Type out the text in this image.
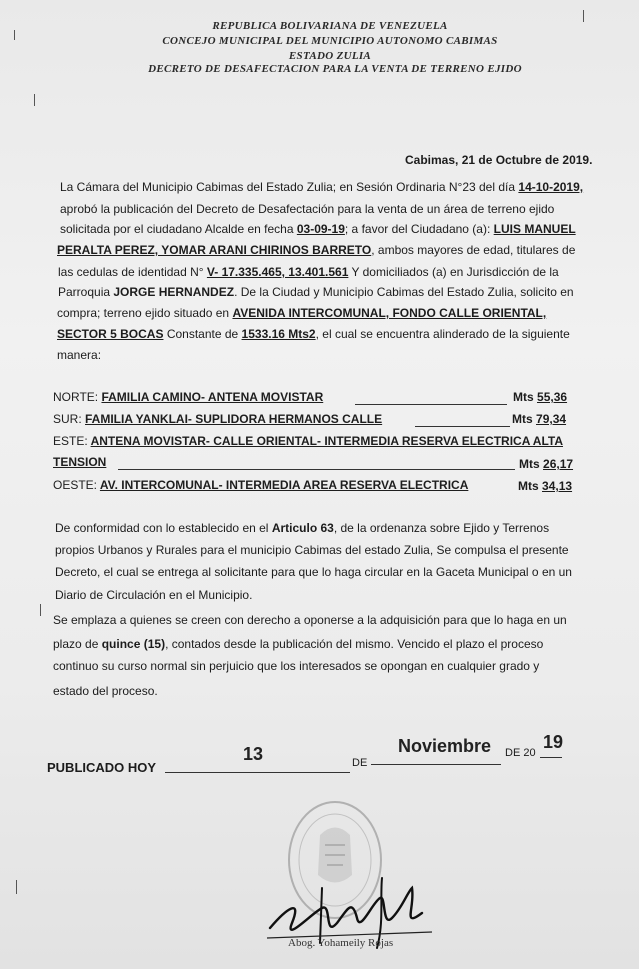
REPUBLICA BOLIVARIANA DE VENEZUELA
CONCEJO MUNICIPAL DEL MUNICIPIO AUTONOMO CABIMAS
ESTADO ZULIA
DECRETO DE DESAFECTACION PARA LA VENTA DE TERRENO EJIDO
Cabimas, 21 de Octubre de 2019.
La Cámara del Municipio Cabimas del Estado Zulia; en Sesión Ordinaria N°23 del día 14-10-2019,
aprobó la publicación del Decreto de Desafectación para la venta de un área de terreno ejido
solicitada por el ciudadano Alcalde en fecha 03-09-19; a favor del Ciudadano (a): LUIS MANUEL
PERALTA PEREZ, YOMAR ARANI CHIRINOS BARRETO, ambos mayores de edad, titulares de
las cedulas de identidad N° V- 17.335.465, 13.401.561 Y domiciliados (a) en Jurisdicción de la
Parroquia JORGE HERNANDEZ. De la Ciudad y Municipio Cabimas del Estado Zulia, solicito en
compra; terreno ejido situado en AVENIDA INTERCOMUNAL, FONDO CALLE ORIENTAL,
SECTOR 5 BOCAS Constante de 1533.16 Mts2, el cual se encuentra alinderado de la siguiente
manera:
NORTE: FAMILIA CAMINO- ANTENA MOVISTAR	Mts 55,36
SUR: FAMILIA YANKLAI- SUPLIDORA HERMANOS CALLE	Mts 79,34
ESTE: ANTENA MOVISTAR- CALLE ORIENTAL- INTERMEDIA RESERVA ELECTRICA ALTA
TENSION	Mts 26,17
OESTE: AV. INTERCOMUNAL- INTERMEDIA AREA RESERVA ELECTRICA	Mts 34,13
De conformidad con lo establecido en el Articulo 63, de la ordenanza sobre Ejido y Terrenos
propios Urbanos y Rurales para el municipio Cabimas del estado Zulia, Se compulsa el presente
Decreto, el cual se entrega al solicitante para que lo haga circular en la Gaceta Municipal o en un
Diario de Circulación en el Municipio.
Se emplaza a quienes se creen con derecho a oponerse a la adquisición para que lo haga en un
plazo de quince (15), contados desde la publicación del mismo. Vencido el plazo el proceso
continuo su curso normal sin perjuicio que los interesados se opongan en cualquier grado y
estado del proceso.
PUBLICADO HOY
13	DE
Noviembre DE 20
19
Abog. Yohameily Rojas
